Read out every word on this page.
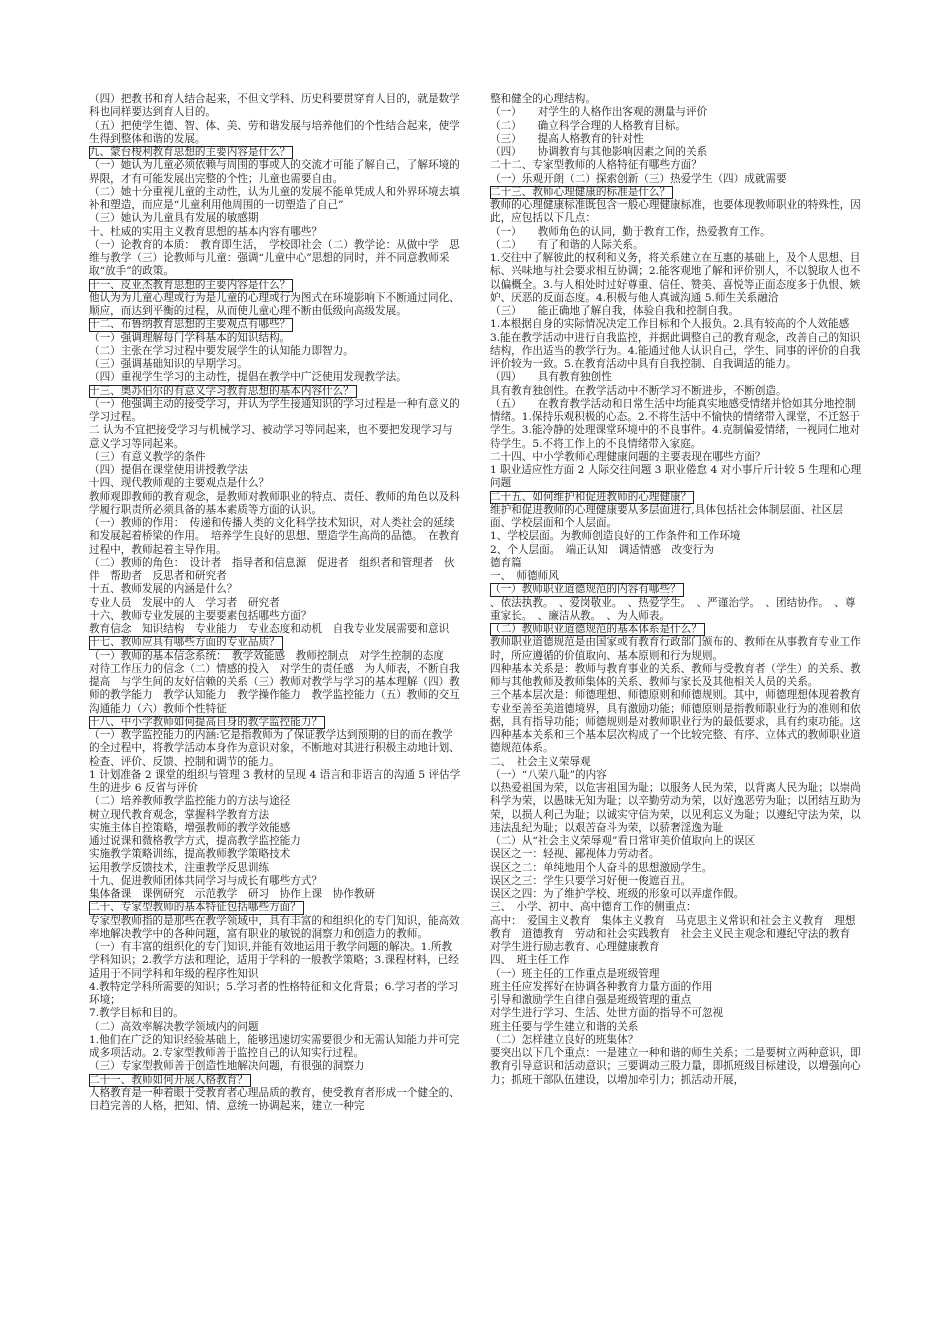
（四）把教书和育人结合起来，不但文学科、历史科要贯穿育人目的，就是数学科也同样要达到育人目的。

（五）把使学生德、智、体、美、劳和谐发展与培养他们的个性结合起来，使学生得到整体和谐的发展。

九、蒙台梭利教育思想的主要内容是什么？

（一）她认为儿童必须依赖与周围的事或人的交流才可能了解自己，了解环境的界限，才有可能发展出完整的个性；儿童也需要自由。

（二）她十分重视儿童的主动性，认为儿童的发展不能单凭成人和外界环境去填补和塑造，而应是“儿童利用他周围的一切塑造了自己”

（三）她认为儿童具有发展的敏感期

十、杜威的实用主义教育思想的基本内容有哪些？

（一）论教育的本质：　教育即生活，　学校即社会（二）教学论：从做中学　思维与教学（三）论教师与儿童：强调“儿童中心”思想的同时，并不同意教师采取“放手”的政策。

十一、皮亚杰教育思想的主要内容是什么？

他认为为儿童心理或行为是儿童的心理或行为图式在环境影响下不断通过同化、顺应，而达到平衡的过程，从而使儿童心理不断由低级向高级发展。

十二、布鲁纳教育思想的主要观点有哪些？

（一）强调理解每门学科基本的知识结构。

（二）主张在学习过程中要发展学生的认知能力即智力。

（三）强调基础知识的早期学习。

（四）重视学生学习的主动性，提倡在教学中广泛使用发现教学法。

十三、奥苏伯尔的有意义学习教育思想的基本内容什么？

（一）他强调主动的接受学习，并认为学生接通知识的学习过程是一种有意义的学习过程。

二 认为不宜把接受学习与机械学习、被动学习等同起来，也不要把发现学习与意义学习等同起来。

（三）有意义教学的条件

（四）提倡在课堂使用讲授教学法

十四、现代教师观的主要观点是什么？

教师观即教师的教育观念，是教师对教师职业的特点、责任、教师的角色以及科学履行职责所必须具备的基本素质等方面的认识。

（一）教师的作用：　传递和传播人类的文化科学技术知识，对人类社会的延续和发展起着桥梁的作用。　培养学生良好的思想、塑造学生高尚的品德。　在教育过程中，教师起着主导作用。

（二）教师的角色：　设计者　指导者和信息源　促进者　组织者和管理者　伙伴　帮助者　反思者和研究者

十五、教师发展的内涵是什么？

专业人员　发展中的人　学习者　研究者

十六、教师专业发展的主要要素包括哪些方面？

教育信念　知识结构　专业能力　专业态度和动机　自我专业发展需要和意识

十七、教师应具有哪些方面的专业品质？

（一）教师的基本信念系统：　教学效能感　教师控制点　对学生控制的态度　对待工作压力的信念（二）情感的投入　对学生的责任感　为人师表，不断自我提高　与学生间的友好信赖的关系（三）教师对教学与学习的基本理解（四）教师的教学能力　教学认知能力　教学操作能力　教学监控能力（五）教师的交互沟通能力（六）教师个性特征

十八、中小学教师如何提高自身的教学监控能力？

（一）教学监控能力的内涵:它是指教师为了保证教学达到预期的目的而在教学的全过程中，将教学活动本身作为意识对象，不断地对其进行积极主动地计划、检查、评价、反馈、控制和调节的能力。

1 计划准备 2 课堂的组织与管理 3 教材的呈现 4 语言和非语言的沟通 5 评估学生的进步 6 反省与评价

（二）培养教师教学监控能力的方法与途径

树立现代教育观念，掌握科学教育方法

实施主体自控策略，增强教师的教学效能感

通过说课和微格教学方式，提高教学监控能力

实施教学策略训练，提高教师教学策略技术

运用教学反馈技术，注重教学反思训练

十九、促进教师团体共同学习与成长有哪些方式？

集体备课　课例研究　示范教学　研习　协作上课　协作教研

二十、专家型教师的基本特征包括哪些方面？

专家型教师指的是那些在教学领域中，具有丰富的和组织化的专门知识，能高效率地解决教学中的各种问题，富有职业的敏锐的洞察力和创造力的教师。

（一）有丰富的组织化的专门知识,并能有效地运用于教学问题的解决。1.所教学科知识；2.教学方法和理论，适用于学科的一般教学策略；3.课程材料，已经适用于不同学科和年级的程序性知识

4.教特定学科所需要的知识；5.学习者的性格特征和文化背景；6.学习者的学习环境；

7.教学目标和目的。

（二）高效率解决教学领域内的问题

1.他们在广泛的知识经验基础上，能够迅速切实需要很少和无需认知能力并可完成多项活动。2.专家型教师善于监控自己的认知实行过程。

（三）专家型教师善于创造性地解决问题，有很强的洞察力

二十一、教师如何开展人格教育？

人格教育是一种着眼于受教育者心理品质的教育，使受教育者形成一个健全的、日趋完善的人格，把知、情、意统一协调起来，建立一种完

整和健全的心理结构。

（一）　　对学生的人格作出客观的测量与评价

（二）　　确立科学合理的人格教育目标。

（三）　　提高人格教育的针对性

（四）　　协调教育与其他影响因素之间的关系

二十二、专家型教师的人格特征有哪些方面？

（一）乐观开朗（二）探索创新（三）热爱学生（四）成就需要

二十三、教师心理健康的标准是什么？

教师的心理健康标准既包含一般心理健康标准，也要体现教师职业的特殊性，因此，应包括以下几点：

（一）　　教师角色的认同，勤于教育工作，热爱教育工作。

（二）　　有了和谐的人际关系。

1.交往中了解彼此的权利和义务，将关系建立在互惠的基础上，及个人思想、目标、兴味地与社会要求相互协调；2.能客观地了解和评价别人，不以貌取人也不以偏概全。3.与人相处时过好尊重、信任、赞美、喜悦等正面态度多于仇恨、嫉妒、厌恶的反面态度。4.积极与他人真诚沟通 5.师生关系融洽

（三）　　能正确地了解自我，体验自我和控制自我。

1.本根据自身的实际情况决定工作目标和个人报负。2.具有较高的个人效能感

3.能在教学活动中进行自我监控，并据此调整自己的教育观念，改善自己的知识结构，作出适当的教学行为。4.能通过他人认识自己，学生、同事的评价的自我评价较为一致。5.在教育活动中具有自我控制、自我调适的能力。

（四）　　具有教育独创性

具有教育独创性。在教学活动中不断学习不断进步，不断创造。

（五）　　在教育教学活动和日常生活中均能真实地感受情绪并恰如其分地控制情绪。1.保持乐观积极的心态。2.不将生活中不愉快的情绪带入课堂，不迁怒于学生。3.能冷静的处理课堂环境中的不良事件。4.克制偏爱情绪，一视同仁地对待学生。5.不将工作上的不良情绪带入家庭。

二十四、中小学教师心理健康问题的主要表现在哪些方面？

1 职业适应性方面 2 人际交往问题 3 职业倦怠 4 对小事斤斤计较 5 生理和心理问题

二十五、如何维护和促进教师的心理健康？

维护和促进教师的心理健康要从多层面进行,具体包括社会体制层面、社区层面、学校层面和个人层面。

1、学校层面。为教师创造良好的工作条件和工作环境

2、个人层面。　端正认知　调适情感　改变行为

德育篇

一、　师德师风

（一）教师职业道德规范的内容有哪些？

、依法执教。　、爱岗敬业。　、热爱学生。　、严谨治学。　、团结协作。　、尊重家长。　、廉洁从教。　、为人师表。

（二）教师职业道德规范的基本体系是什么？

教师职业道德规范是由国家或有教育行政部门颁布的、教师在从事教育专业工作时，所应遵循的价值取向、基本原则和行为规则。

四种基本关系是：教师与教育事业的关系、教师与受教育者（学生）的关系、教师与其他教师及教师集体的关系、教师与家长及其他相关人员的关系。

三个基本层次是：师德理想、师德原则和师德规则。其中，师德理想体现着教育专业至善至美道德境界，具有激励功能；师德原则是指教师职业行为的准则和依据，具有指导功能；师德规则是对教师职业行为的最低要求，具有约束功能。这四种基本关系和三个基本层次构成了一个比较完整、有序、立体式的教师职业道德规范体系。

二、　社会主义荣辱观

（一）“八荣八耻”的内容

以热爱祖国为荣，以危害祖国为耻；以服务人民为荣，以背离人民为耻；以崇尚科学为荣，以愚昧无知为耻；以辛勤劳动为荣，以好逸恶劳为耻；以团结互助为荣，以损人利己为耻；以诚实守信为荣，以见利忘义为耻；以遵纪守法为荣，以违法乱纪为耻；以艰苦奋斗为荣，以骄奢淫逸为耻

（二）从“社会主义荣辱观”看日常审美价值取向上的误区

误区之一：轻视、鄙视体力劳动者。

误区之二：单纯地用个人奋斗的思想激励学生。

误区之三：学生只要学习好便一俊遮百丑。

误区之四：为了维护学校、班级的形象可以弄虚作假。

三、　小学、初中、高中德育工作的侧重点：

高中：　爱国主义教育　集体主义教育　马克思主义常识和社会主义教育　理想教育　道德教育　劳动和社会实践教育　社会主义民主观念和遵纪守法的教育　对学生进行励志教育、心理健康教育

四、　班主任工作

（一）班主任的工作重点是班级管理

班主任应发挥好在协调各种教育力量方面的作用

引导和激励学生自律自强是班级管理的重点

对学生进行学习、生活、处世方面的指导不可忽视

班主任要与学生建立和谐的关系

（二）怎样建立良好的班集体？

要突出以下几个重点：一是建立一种和谐的师生关系；二是要树立两种意识，即教育引导意识和活动意识；三要调动三股力量，即抓班级目标建设，以增强向心力；抓班干部队伍建设，以增加牵引力；抓活动开展，
